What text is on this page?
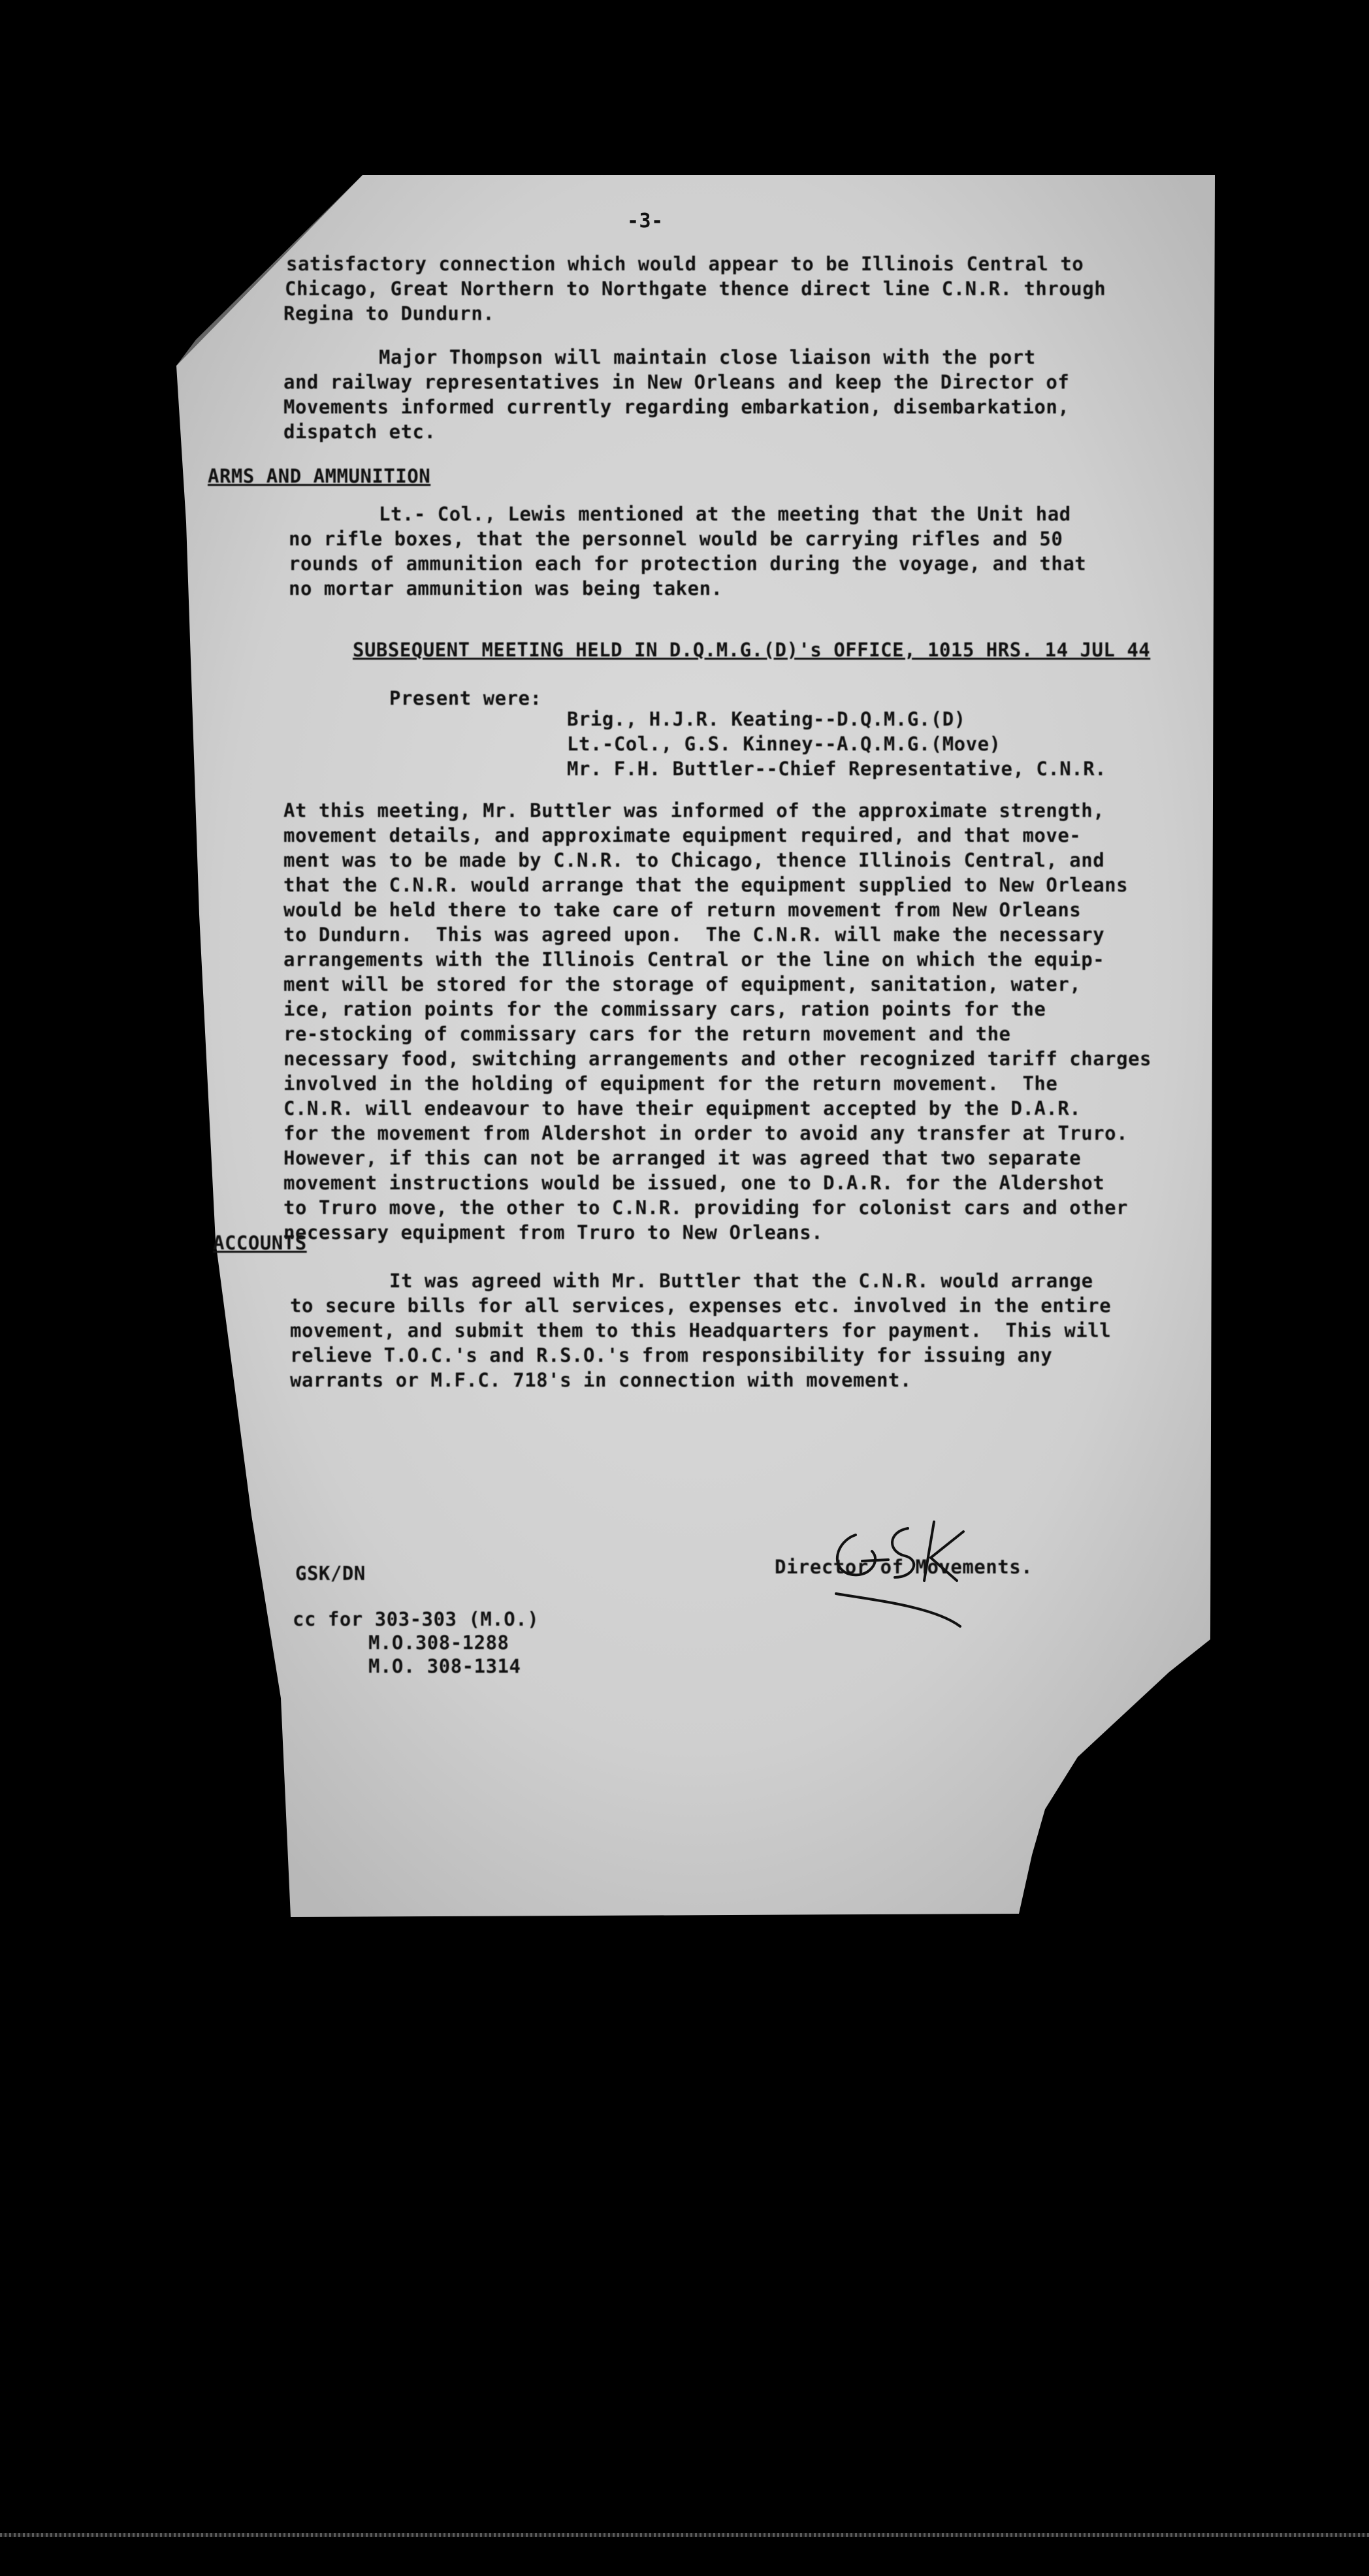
-3-
satisfactory connection which would appear to be Illinois Central to
Chicago, Great Northern to Northgate thence direct line C.N.R. through
Regina to Dundurn.
Major Thompson will maintain close liaison with the port
and railway representatives in New Orleans and keep the Director of
Movements informed currently regarding embarkation, disembarkation,
dispatch etc.
ARMS AND AMMUNITION
Lt.- Col., Lewis mentioned at the meeting that the Unit had
no rifle boxes, that the personnel would be carrying rifles and 50
rounds of ammunition each for protection during the voyage, and that
no mortar ammunition was being taken.
SUBSEQUENT MEETING HELD IN D.Q.M.G.(D)'s OFFICE, 1015 HRS. 14 JUL 44
Present were:
Brig., H.J.R. Keating--D.Q.M.G.(D)
Lt.-Col., G.S. Kinney--A.Q.M.G.(Move)
Mr. F.H. Buttler--Chief Representative, C.N.R.
At this meeting, Mr. Buttler was informed of the approximate strength,
movement details, and approximate equipment required, and that move-
ment was to be made by C.N.R. to Chicago, thence Illinois Central, and
that the C.N.R. would arrange that the equipment supplied to New Orleans
would be held there to take care of return movement from New Orleans
to Dundurn.  This was agreed upon.  The C.N.R. will make the necessary
arrangements with the Illinois Central or the line on which the equip-
ment will be stored for the storage of equipment, sanitation, water,
ice, ration points for the commissary cars, ration points for the
re-stocking of commissary cars for the return movement and the
necessary food, switching arrangements and other recognized tariff charges
involved in the holding of equipment for the return movement.  The
C.N.R. will endeavour to have their equipment accepted by the D.A.R.
for the movement from Aldershot in order to avoid any transfer at Truro.
However, if this can not be arranged it was agreed that two separate
movement instructions would be issued, one to D.A.R. for the Aldershot
to Truro move, the other to C.N.R. providing for colonist cars and other
necessary equipment from Truro to New Orleans.
ACCOUNTS
It was agreed with Mr. Buttler that the C.N.R. would arrange
to secure bills for all services, expenses etc. involved in the entire
movement, and submit them to this Headquarters for payment.  This will
relieve T.O.C.'s and R.S.O.'s from responsibility for issuing any
warrants or M.F.C. 718's in connection with movement.
Director of Movements.
GSK/DN
cc for 303-303 (M.O.)
M.O.308-1288
M.O. 308-1314
